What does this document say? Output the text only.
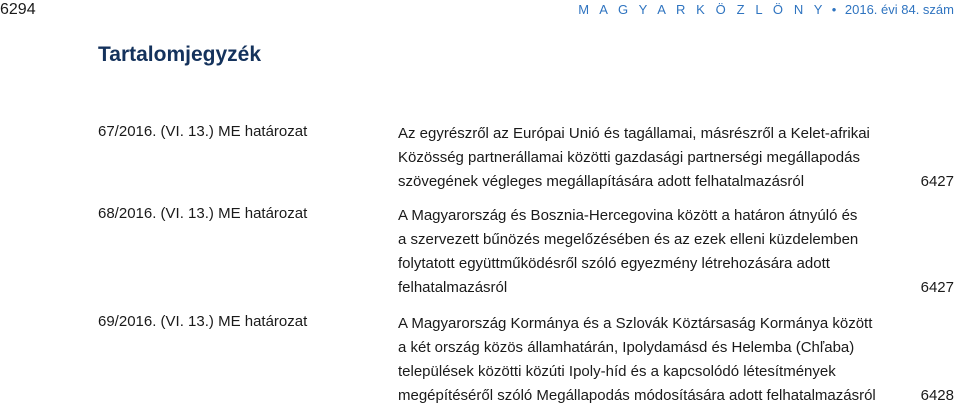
6294	M A G Y A R K Ö Z L Ö N Y • 2016. évi 84. szám
Tartalomjegyzék
67/2016. (VI. 13.) ME határozat	Az egyrészről az Európai Unió és tagállamai, másrészről a Kelet-afrikai
Közösség partnerállamai közötti gazdasági partnerségi megállapodás
szövegének végleges megállapítására adott felhatalmazásról	6427
68/2016. (VI. 13.) ME határozat	A Magyarország és Bosznia-Hercegovina között a határon átnyúló és
a szervezett bűnözés megelőzésében és az ezek elleni küzdelemben
folytatott együttműködésről szóló egyezmény létrehozására adott
felhatalmazásról	6427
69/2016. (VI. 13.) ME határozat	A Magyarország Kormánya és a Szlovák Köztársaság Kormánya között
a két ország közös államhatárán, Ipolydamásd és Helemba (Chľaba)
települések közötti közúti Ipoly-híd és a kapcsolódó létesítmények
megépítéséről szóló Megállapodás módosítására adott felhatalmazásról	6428
